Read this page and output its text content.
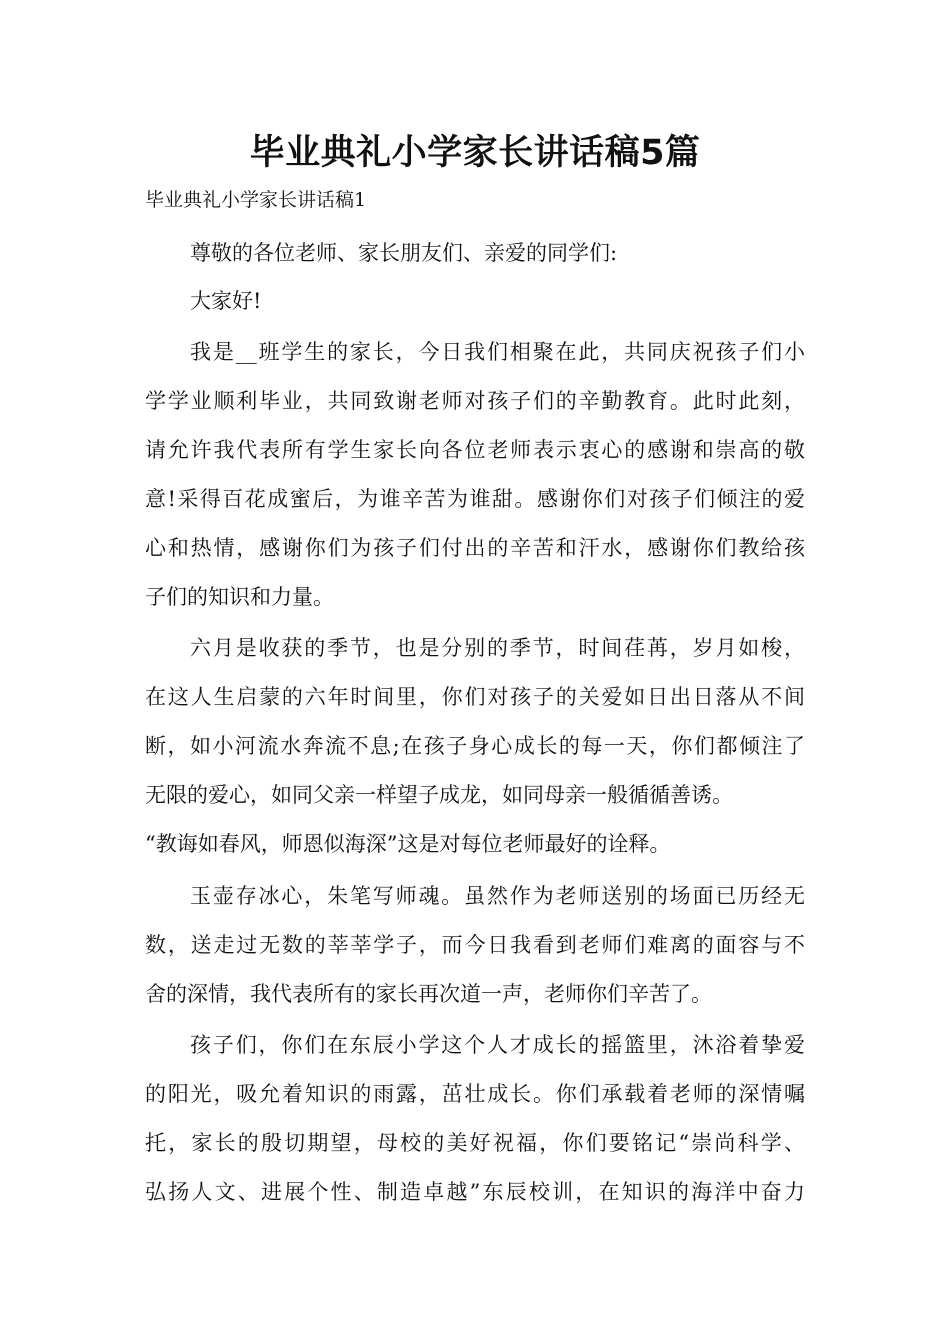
毕业典礼小学家长讲话稿5篇

毕业典礼小学家长讲话稿1

尊敬的各位老师、家长朋友们、亲爱的同学们:

大家好!

我是__班学生的家长，今日我们相聚在此，共同庆祝孩子们小

学学业顺利毕业，共同致谢老师对孩子们的辛勤教育。此时此刻，

请允许我代表所有学生家长向各位老师表示衷心的感谢和崇高的敬

意!采得百花成蜜后，为谁辛苦为谁甜。感谢你们对孩子们倾注的爱

心和热情，感谢你们为孩子们付出的辛苦和汗水，感谢你们教给孩

子们的知识和力量。

六月是收获的季节，也是分别的季节，时间荏苒，岁月如梭，

在这人生启蒙的六年时间里，你们对孩子的关爱如日出日落从不间

断，如小河流水奔流不息;在孩子身心成长的每一天，你们都倾注了

无限的爱心，如同父亲一样望子成龙，如同母亲一般循循善诱。

“教诲如春风，师恩似海深”这是对每位老师最好的诠释。

玉壶存冰心，朱笔写师魂。虽然作为老师送别的场面已历经无

数，送走过无数的莘莘学子，而今日我看到老师们难离的面容与不

舍的深情，我代表所有的家长再次道一声，老师你们辛苦了。

孩子们，你们在东辰小学这个人才成长的摇篮里，沐浴着挚爱

的阳光，吸允着知识的雨露，茁壮成长。你们承载着老师的深情嘱

托，家长的殷切期望，母校的美好祝福，你们要铭记“崇尚科学、

弘扬人文、进展个性、制造卓越”东辰校训，在知识的海洋中奋力
